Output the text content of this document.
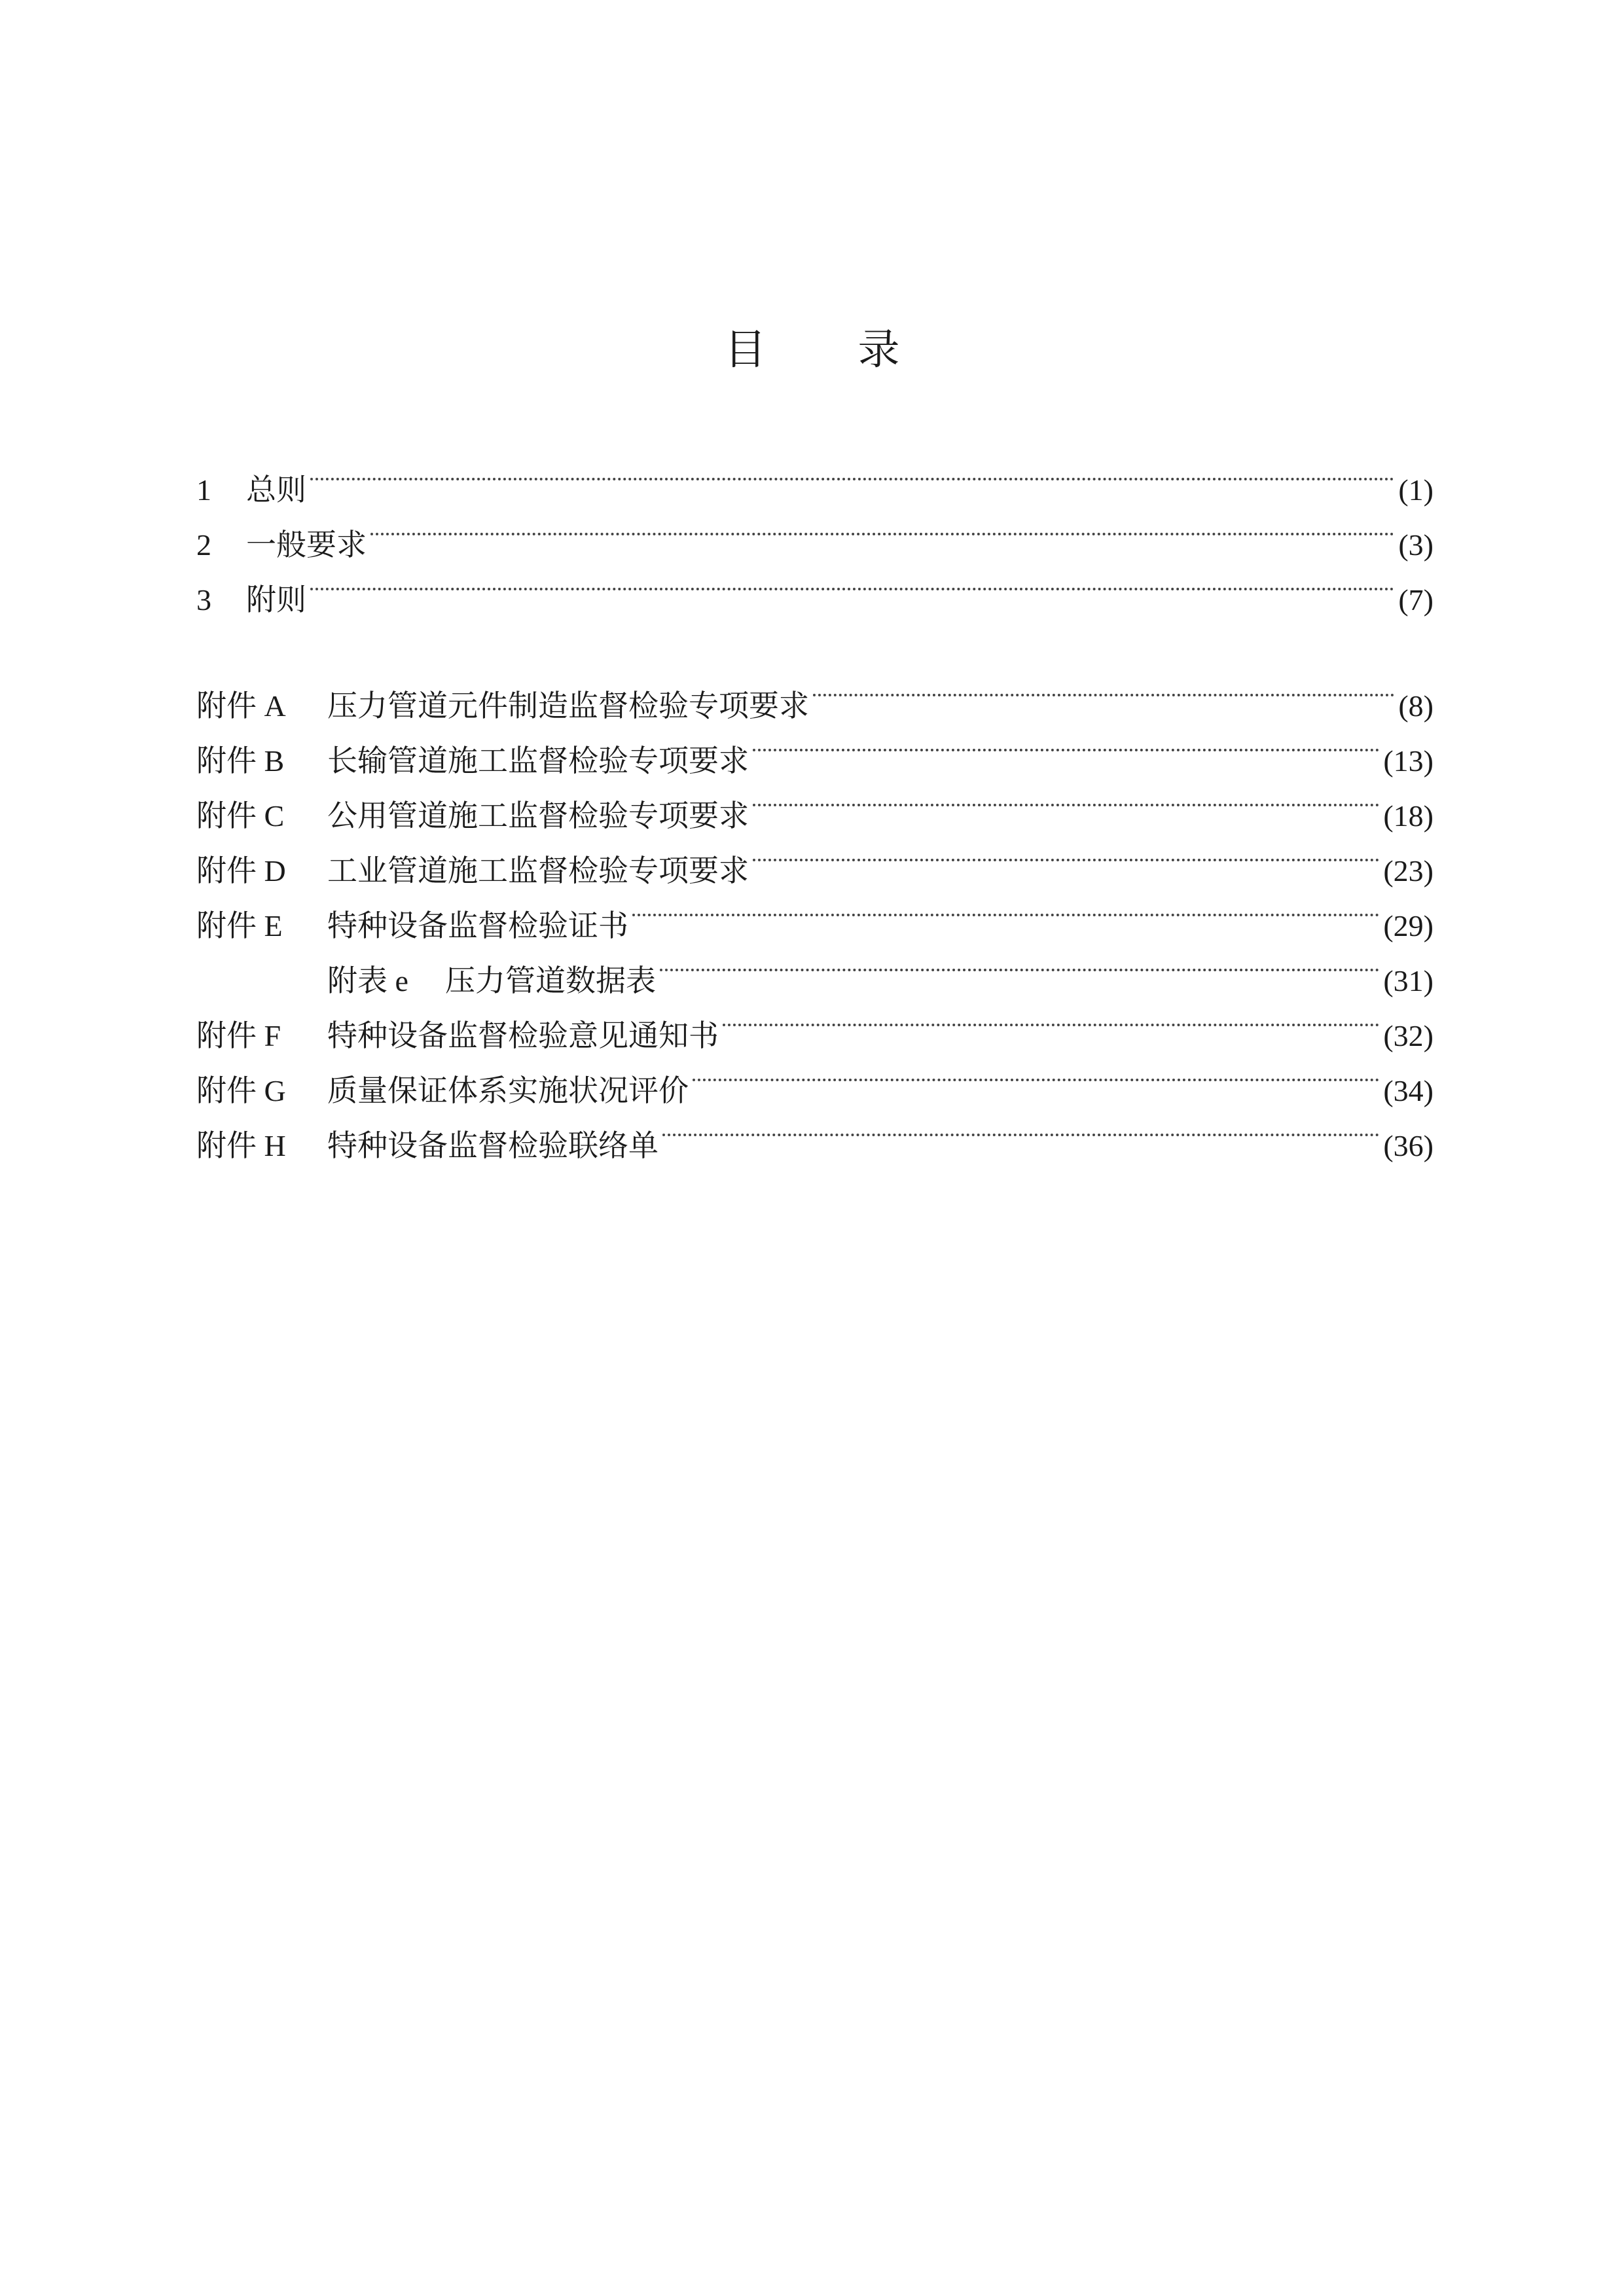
目 录
1	总则	(1)
2	一般要求	(3)
3	附则	(7)
附件 A	压力管道元件制造监督检验专项要求	(8)
附件 B	长输管道施工监督检验专项要求	(13)
附件 C	公用管道施工监督检验专项要求	(18)
附件 D	工业管道施工监督检验专项要求	(23)
附件 E	特种设备监督检验证书	(29)
附表 e	压力管道数据表	(31)
附件 F	特种设备监督检验意见通知书	(32)
附件 G	质量保证体系实施状况评价	(34)
附件 H	特种设备监督检验联络单	(36)
